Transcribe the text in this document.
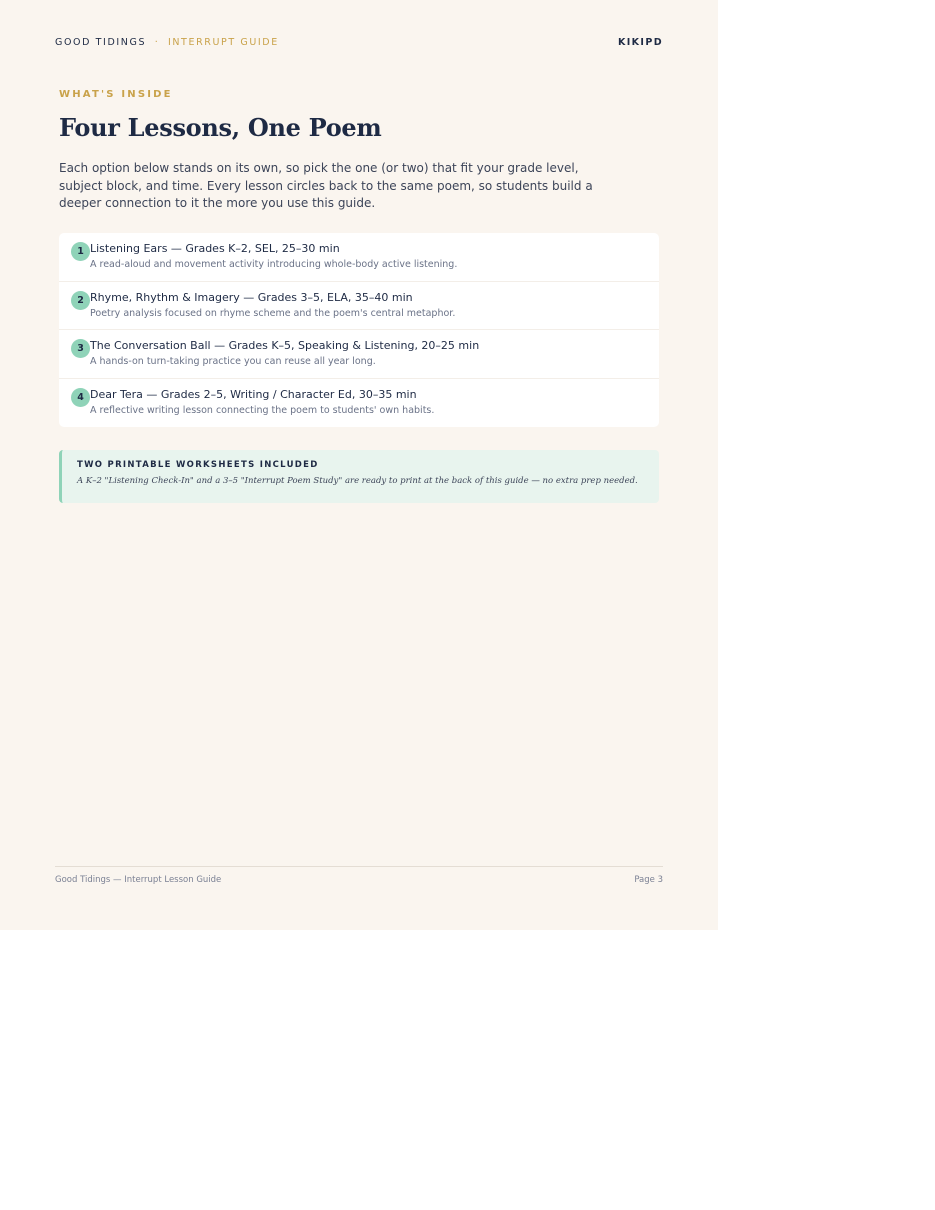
GOOD TIDINGS · INTERRUPT GUIDE	KIKIPD
WHAT'S INSIDE
Four Lessons, One Poem

Each option below stands on its own, so pick the one (or two) that fit your grade level, subject block, and time. Every lesson circles back to the same poem, so students build a deeper connection to it the more you use this guide.

1 Listening Ears — Grades K–2, SEL, 25–30 min
A read-aloud and movement activity introducing whole-body active listening.
2 Rhyme, Rhythm & Imagery — Grades 3–5, ELA, 35–40 min
Poetry analysis focused on rhyme scheme and the poem's central metaphor.
3 The Conversation Ball — Grades K–5, Speaking & Listening, 20–25 min
A hands-on turn-taking practice you can reuse all year long.
4 Dear Tera — Grades 2–5, Writing / Character Ed, 30–35 min
A reflective writing lesson connecting the poem to students' own habits.
TWO PRINTABLE WORKSHEETS INCLUDED
A K–2 "Listening Check-In" and a 3–5 "Interrupt Poem Study" are ready to print at the back of this guide — no extra prep needed.
Good Tidings — Interrupt Lesson Guide	Page 3
